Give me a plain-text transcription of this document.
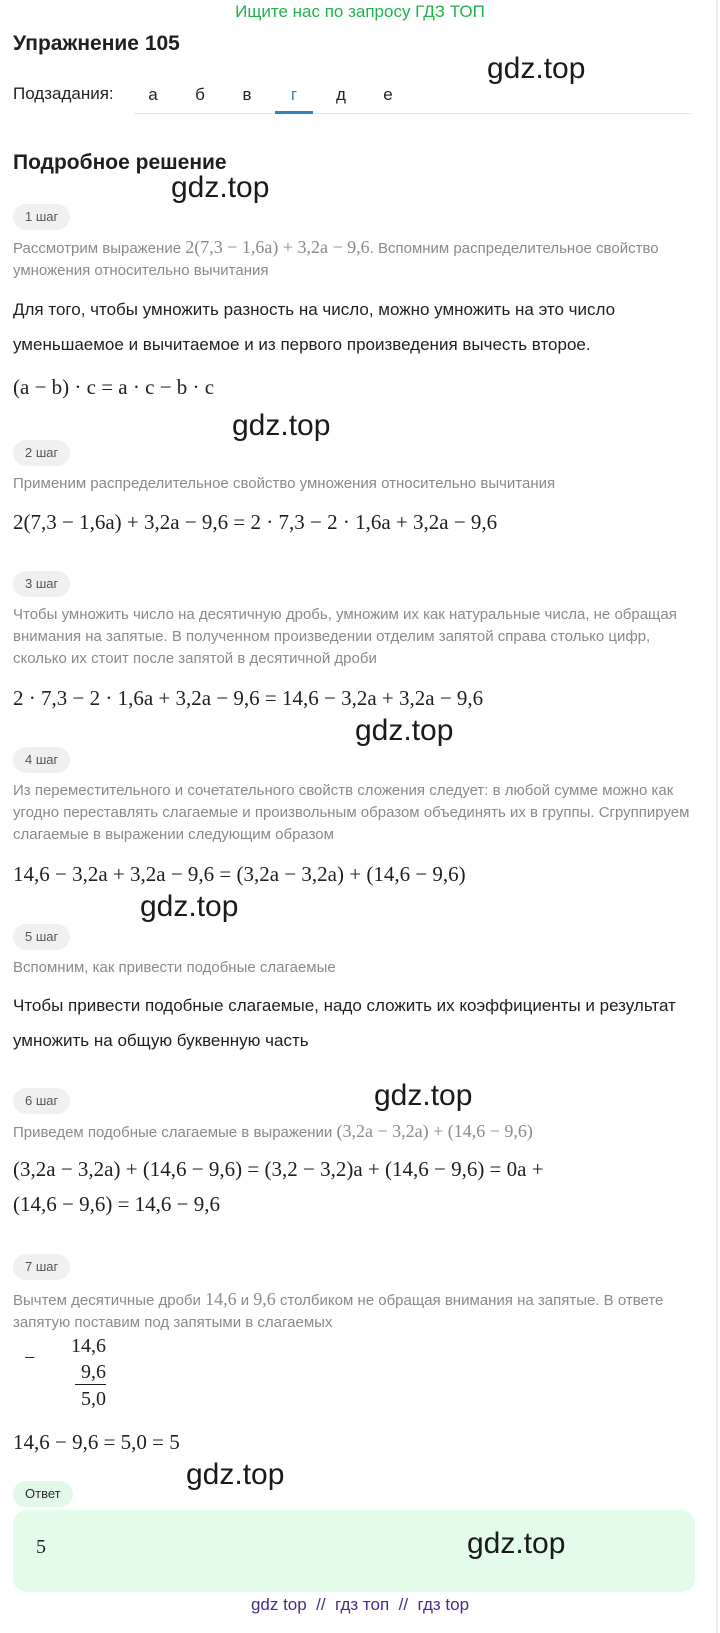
Ищите нас по запросу ГДЗ ТОП
Упражнение 105
Подзадания:	а	б	в	г	д	е
gdz.top
Подробное решение
gdz.top
1 шаг
Рассмотрим выражение 2(7,3 − 1,6a) + 3,2a − 9,6. Вспомним распределительное свойство умножения относительно вычитания
Для того, чтобы умножить разность на число, можно умножить на это число уменьшаемое и вычитаемое и из первого произведения вычесть второе.
(a − b) · c = a · c − b · c
gdz.top
2 шаг
Применим распределительное свойство умножения относительно вычитания
2(7,3 − 1,6a) + 3,2a − 9,6 = 2 · 7,3 − 2 · 1,6a + 3,2a − 9,6
3 шаг
Чтобы умножить число на десятичную дробь, умножим их как натуральные числа, не обращая внимания на запятые. В полученном произведении отделим запятой справа столько цифр, сколько их стоит после запятой в десятичной дроби
2 · 7,3 − 2 · 1,6a + 3,2a − 9,6 = 14,6 − 3,2a + 3,2a − 9,6
gdz.top
4 шаг
Из переместительного и сочетательного свойств сложения следует: в любой сумме можно как угодно переставлять слагаемые и произвольным образом объединять их в группы. Сгруппируем слагаемые в выражении следующим образом
14,6 − 3,2a + 3,2a − 9,6 = (3,2a − 3,2a) + (14,6 − 9,6)
gdz.top
5 шаг
Вспомним, как привести подобные слагаемые
Чтобы привести подобные слагаемые, надо сложить их коэффициенты и результат умножить на общую буквенную часть
gdz.top
6 шаг
Приведем подобные слагаемые в выражении (3,2a − 3,2a) + (14,6 − 9,6)
(3,2a − 3,2a) + (14,6 − 9,6) = (3,2 − 3,2)a + (14,6 − 9,6) = 0a +
(14,6 − 9,6) = 14,6 − 9,6
7 шаг
Вычтем десятичные дроби 14,6 и 9,6 столбиком не обращая внимания на запятые. В ответе запятую поставим под запятыми в слагаемых
−
14,6
9,6
5,0
14,6 − 9,6 = 5,0 = 5
gdz.top
Ответ
5	gdz.top
gdz top  //  гдз топ  //  гдз top
